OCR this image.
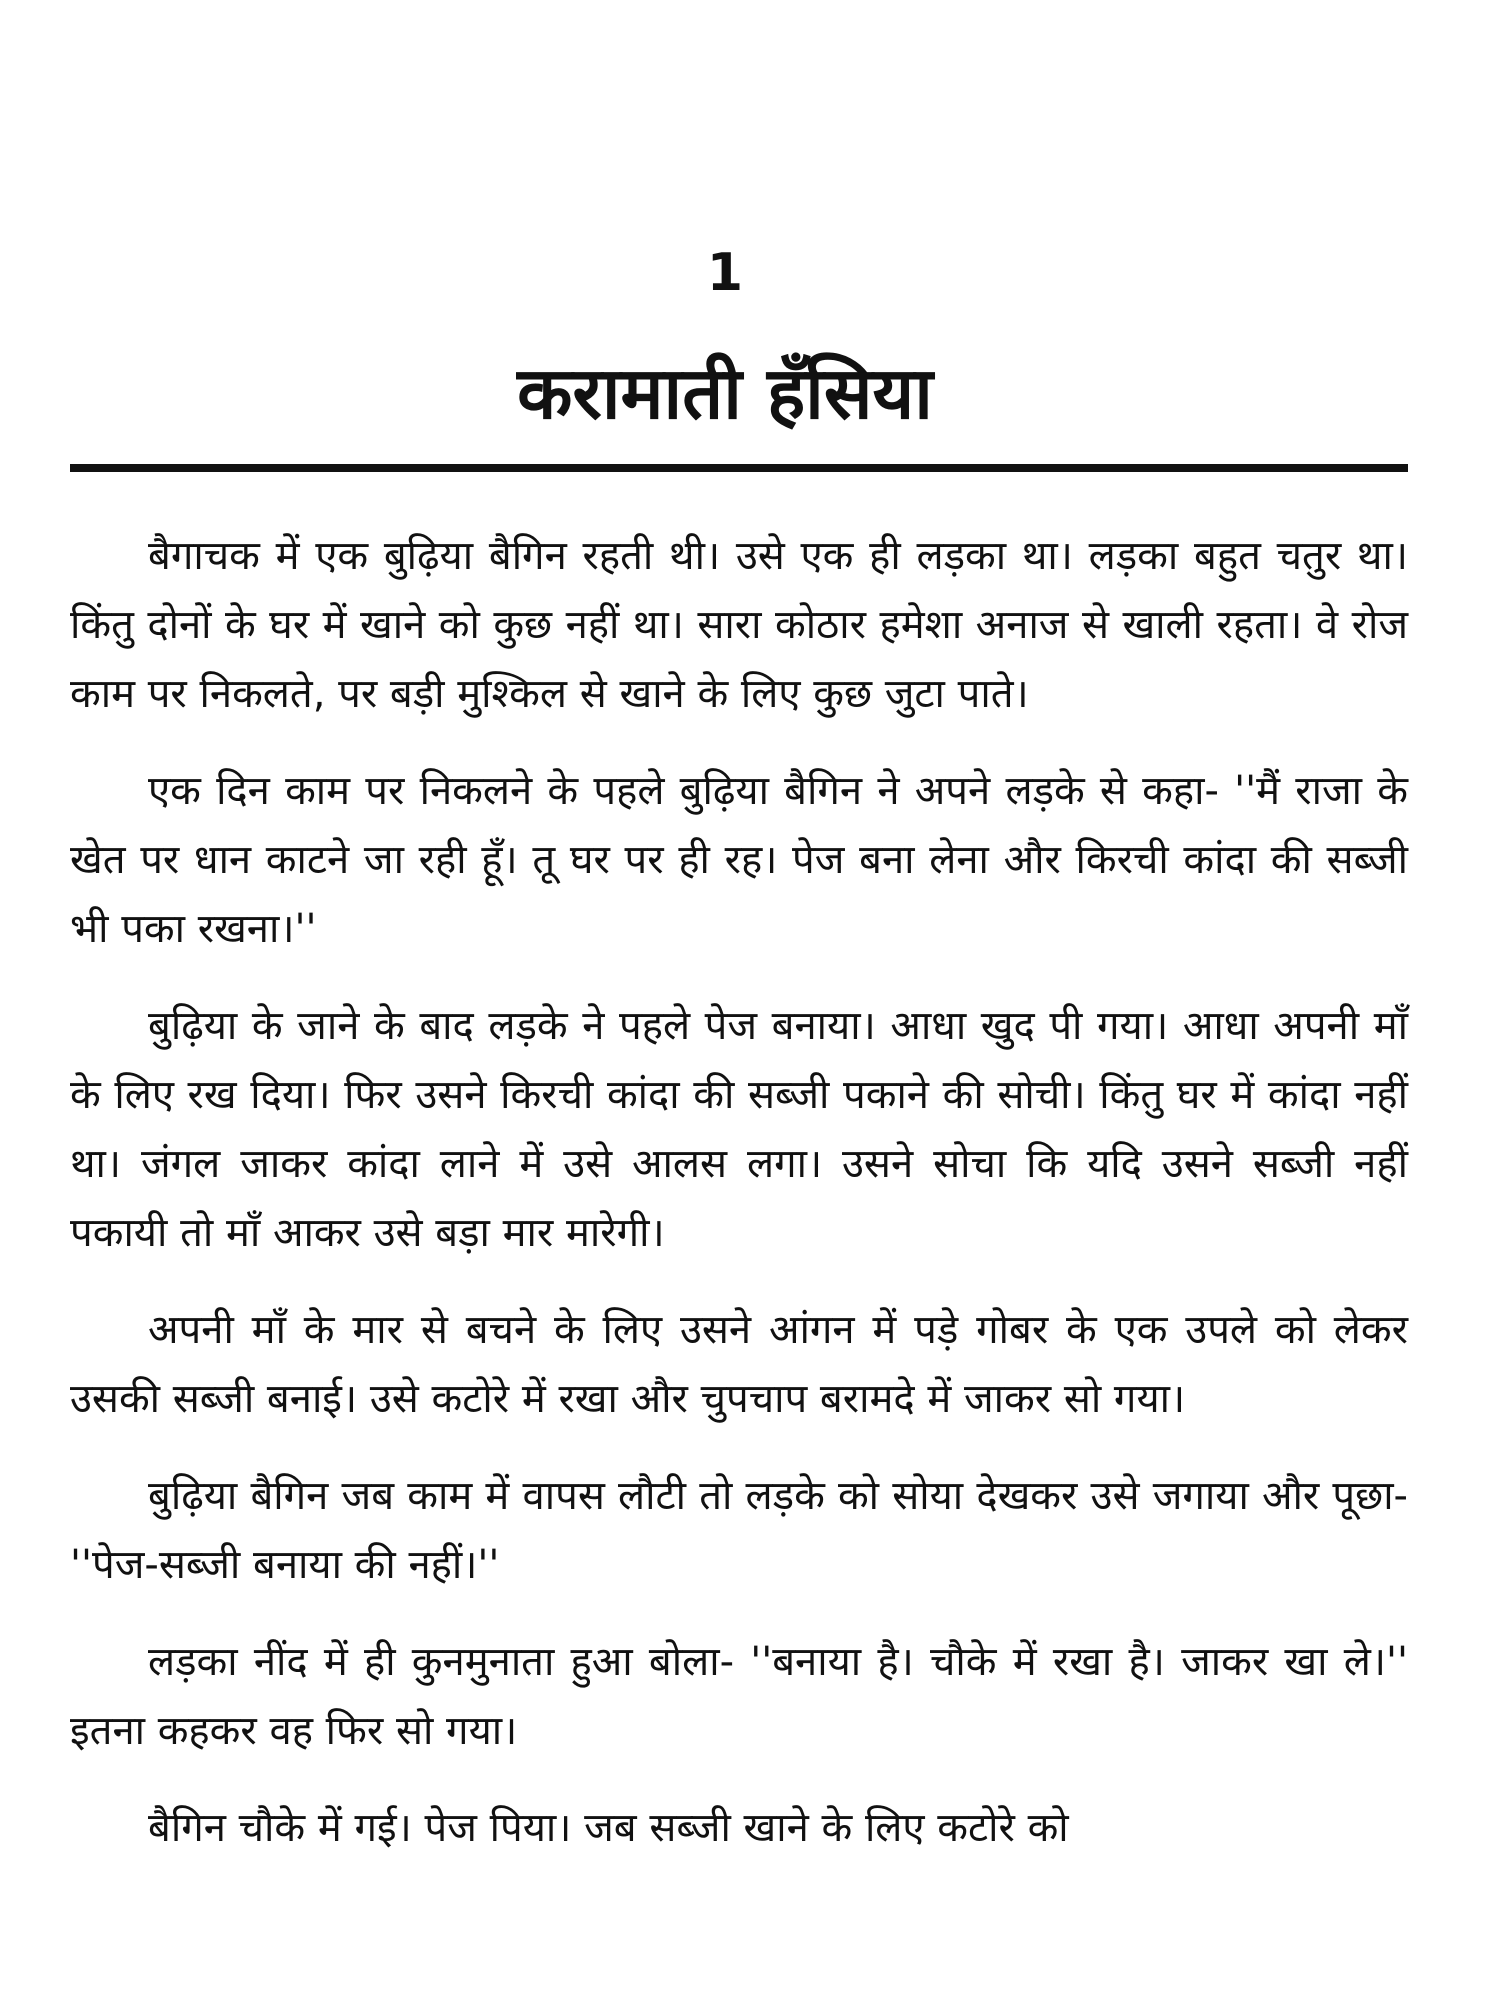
1
करामाती हँसिया

बैगाचक में एक बुढ़िया बैगिन रहती थी। उसे एक ही लड़का था। लड़का बहुत चतुर था। किंतु दोनों के घर में खाने को कुछ नहीं था। सारा कोठार हमेशा अनाज से खाली रहता। वे रोज काम पर निकलते, पर बड़ी मुश्किल से खाने के लिए कुछ जुटा पाते।

एक दिन काम पर निकलने के पहले बुढ़िया बैगिन ने अपने लड़के से कहा- ''मैं राजा के खेत पर धान काटने जा रही हूँ। तू घर पर ही रह। पेज बना लेना और किरची कांदा की सब्जी भी पका रखना।''

बुढ़िया के जाने के बाद लड़के ने पहले पेज बनाया। आधा खुद पी गया। आधा अपनी माँ के लिए रख दिया। फिर उसने किरची कांदा की सब्जी पकाने की सोची। किंतु घर में कांदा नहीं था। जंगल जाकर कांदा लाने में उसे आलस लगा। उसने सोचा कि यदि उसने सब्जी नहीं पकायी तो माँ आकर उसे बड़ा मार मारेगी।

अपनी माँ के मार से बचने के लिए उसने आंगन में पड़े गोबर के एक उपले को लेकर उसकी सब्जी बनाई। उसे कटोरे में रखा और चुपचाप बरामदे में जाकर सो गया।

बुढ़िया बैगिन जब काम में वापस लौटी तो लड़के को सोया देखकर उसे जगाया और पूछा- ''पेज-सब्जी बनाया की नहीं।''

लड़का नींद में ही कुनमुनाता हुआ बोला- ''बनाया है। चौके में रखा है। जाकर खा ले।'' इतना कहकर वह फिर सो गया।

बैगिन चौके में गई। पेज पिया। जब सब्जी खाने के लिए कटोरे को
